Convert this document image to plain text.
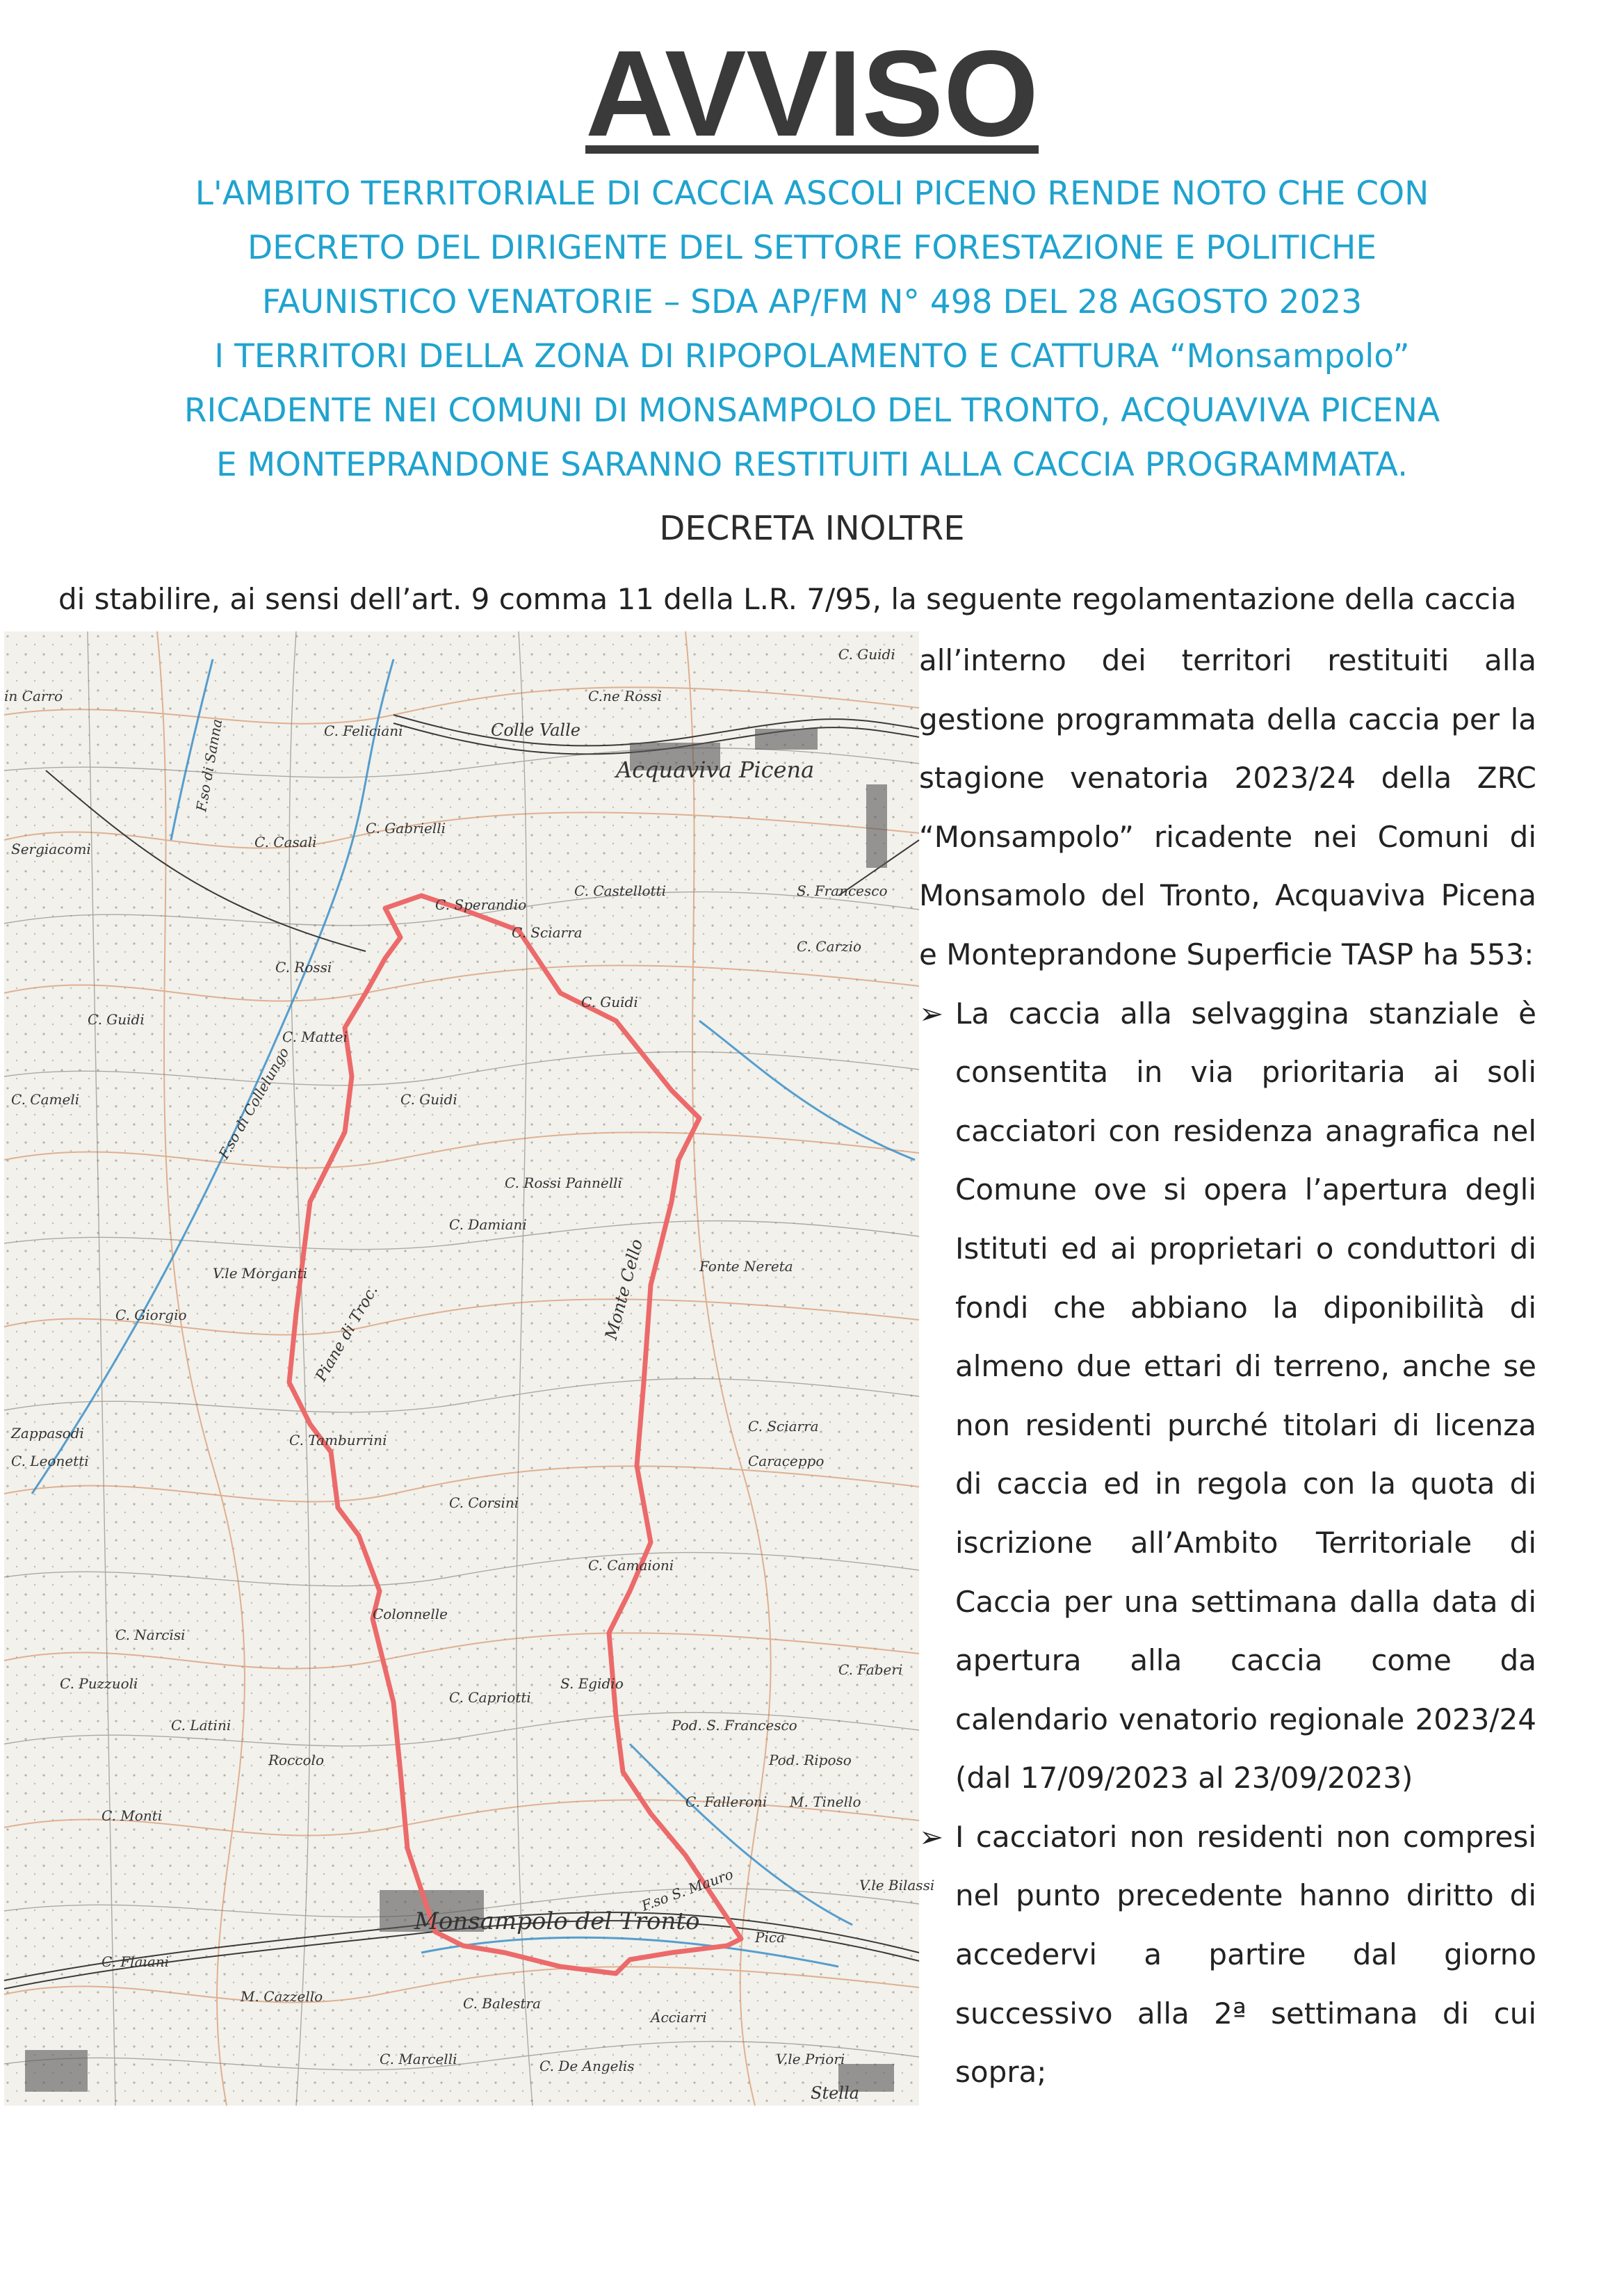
AVVISO
L'AMBITO TERRITORIALE DI CACCIA ASCOLI PICENO RENDE NOTO CHE CON
DECRETO DEL DIRIGENTE DEL SETTORE FORESTAZIONE E POLITICHE
FAUNISTICO VENATORIE – SDA AP/FM N° 498 DEL 28 AGOSTO 2023
I TERRITORI DELLA ZONA DI RIPOPOLAMENTO E CATTURA “Monsampolo”
RICADENTE NEI COMUNI DI MONSAMPOLO DEL TRONTO, ACQUAVIVA PICENA
E MONTEPRANDONE SARANNO RESTITUITI ALLA CACCIA PROGRAMMATA.
DECRETA INOLTRE
di stabilire, ai sensi dell’art. 9 comma 11 della L.R. 7/95, la seguente regolamentazione della caccia
Acquaviva Picena
Monsampolo del Tronto
Colle Valle
Sergiacomi	C. Casali
C. Gabrielli
C. Feliciani
C.ne Rossi
C. Guidi
C. Sperandio
C. Castellotti
C. Sciarra
S. Francesco
C. Carzio
C. Rossi
C. Mattei
C. Guidi
C. Guidi
C. Cameli	C. Guidi
C. Rossi Pannelli
C. Damiani
V.le Morganti
C. Giorgio
Fonte Nereta
C. Tamburrini
C. Leonetti
Zappasodi	C. Sciarra
Caraceppo
C. Corsini
C. Camaioni
Colonnelle
C. Narcisi
C. Capriotti
S. Egidio
Pod. S. Francesco
Pod. Riposo
C. Falleroni M. Tinello
C. Faberi
Roccolo
C. Monti
C. Flaiani
M. Cazzello	C. Balestra
Acciarri
C. De Angelis
C. Marcelli	V.le Priori
Stella
V.le Bilassi
Pica
C. Puzzuoli
C. Latini
in Carro
F.so S. Mauro
F.so di Collelungo
F.so di Sanna
Piane di Troc.	Monte Cello

all’interno dei territori restituiti alla gestione programmata della caccia per la stagione venatoria 2023/24 della ZRC “Monsampolo” ricadente nei Comuni di Monsamolo del Tronto, Acquaviva Picena e Monteprandone Superficie TASP ha 553:

➢ La caccia alla selvaggina stanziale è consentita in via prioritaria ai soli cacciatori con residenza anagrafica nel Comune ove si opera l’apertura degli Istituti ed ai proprietari o conduttori di fondi che abbiano la diponibilità di almeno due ettari di terreno, anche se non residenti purché titolari di licenza di caccia ed in regola con la quota di iscrizione all’Ambito Territoriale di Caccia per una settimana dalla data di apertura alla caccia come da calendario venatorio regionale 2023/24 (dal 17/09/2023 al 23/09/2023)
➢ I cacciatori non residenti non compresi nel punto precedente hanno diritto di accedervi a partire dal giorno successivo alla 2ª settimana di cui sopra;
